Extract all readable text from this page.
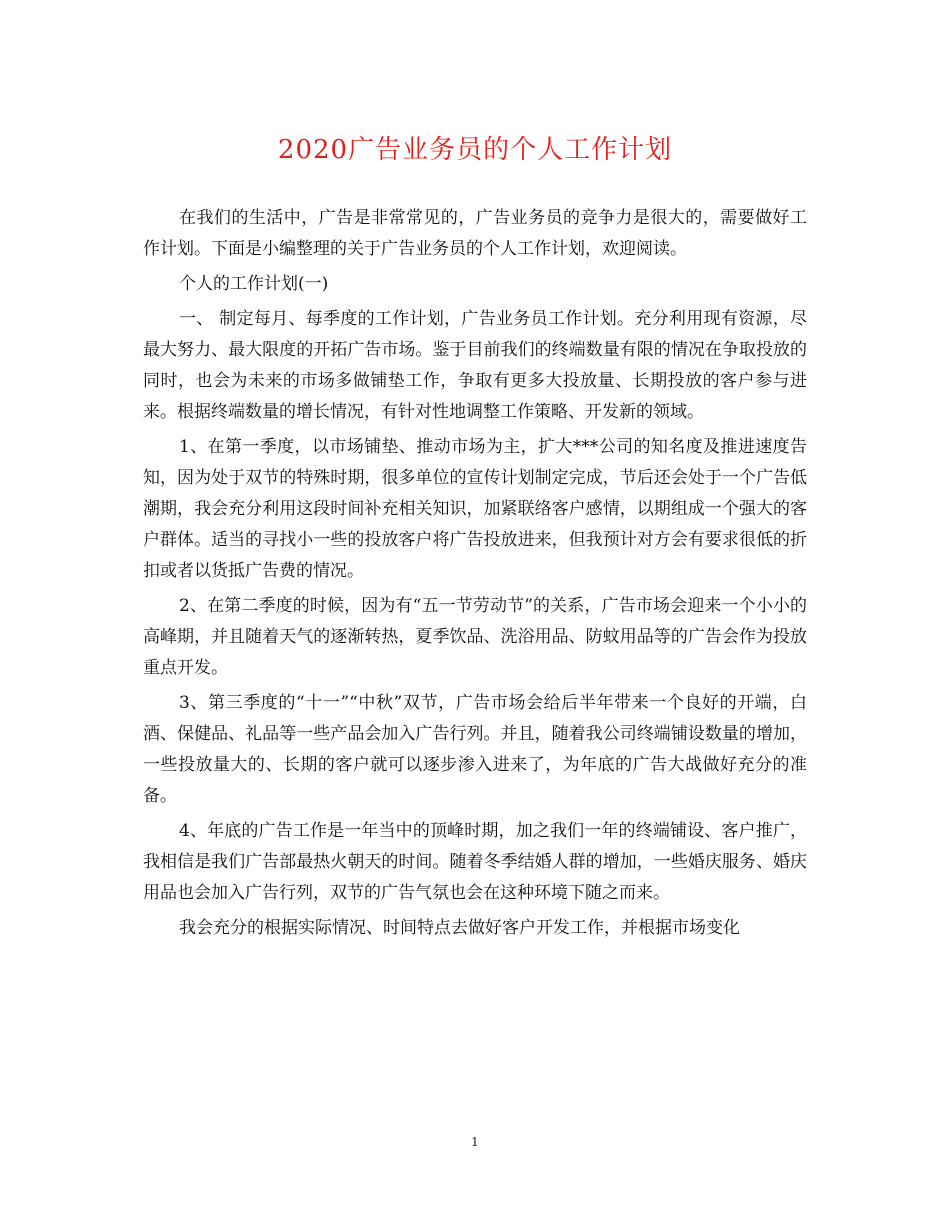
2020广告业务员的个人工作计划

在我们的生活中，广告是非常常见的，广告业务员的竞争力是很大的，需要做好工作计划。下面是小编整理的关于广告业务员的个人工作计划，欢迎阅读。

个人的工作计划(一)

一、 制定每月、每季度的工作计划，广告业务员工作计划。充分利用现有资源，尽最大努力、最大限度的开拓广告市场。鉴于目前我们的终端数量有限的情况在争取投放的同时，也会为未来的市场多做铺垫工作，争取有更多大投放量、长期投放的客户参与进来。根据终端数量的增长情况，有针对性地调整工作策略、开发新的领域。

1、在第一季度，以市场铺垫、推动市场为主，扩大***公司的知名度及推进速度告知，因为处于双节的特殊时期，很多单位的宣传计划制定完成，节后还会处于一个广告低潮期，我会充分利用这段时间补充相关知识，加紧联络客户感情，以期组成一个强大的客户群体。适当的寻找小一些的投放客户将广告投放进来，但我预计对方会有要求很低的折扣或者以货抵广告费的情况。

2、在第二季度的时候，因为有“五一节劳动节”的关系，广告市场会迎来一个小小的高峰期，并且随着天气的逐渐转热，夏季饮品、洗浴用品、防蚊用品等的广告会作为投放重点开发。

3、第三季度的“十一”“中秋”双节，广告市场会给后半年带来一个良好的开端，白酒、保健品、礼品等一些产品会加入广告行列。并且，随着我公司终端铺设数量的增加，一些投放量大的、长期的客户就可以逐步渗入进来了，为年底的广告大战做好充分的准备。

4、年底的广告工作是一年当中的顶峰时期，加之我们一年的终端铺设、客户推广，我相信是我们广告部最热火朝天的时间。随着冬季结婚人群的增加，一些婚庆服务、婚庆用品也会加入广告行列，双节的广告气氛也会在这种环境下随之而来。

我会充分的根据实际情况、时间特点去做好客户开发工作，并根据市场变化

1
